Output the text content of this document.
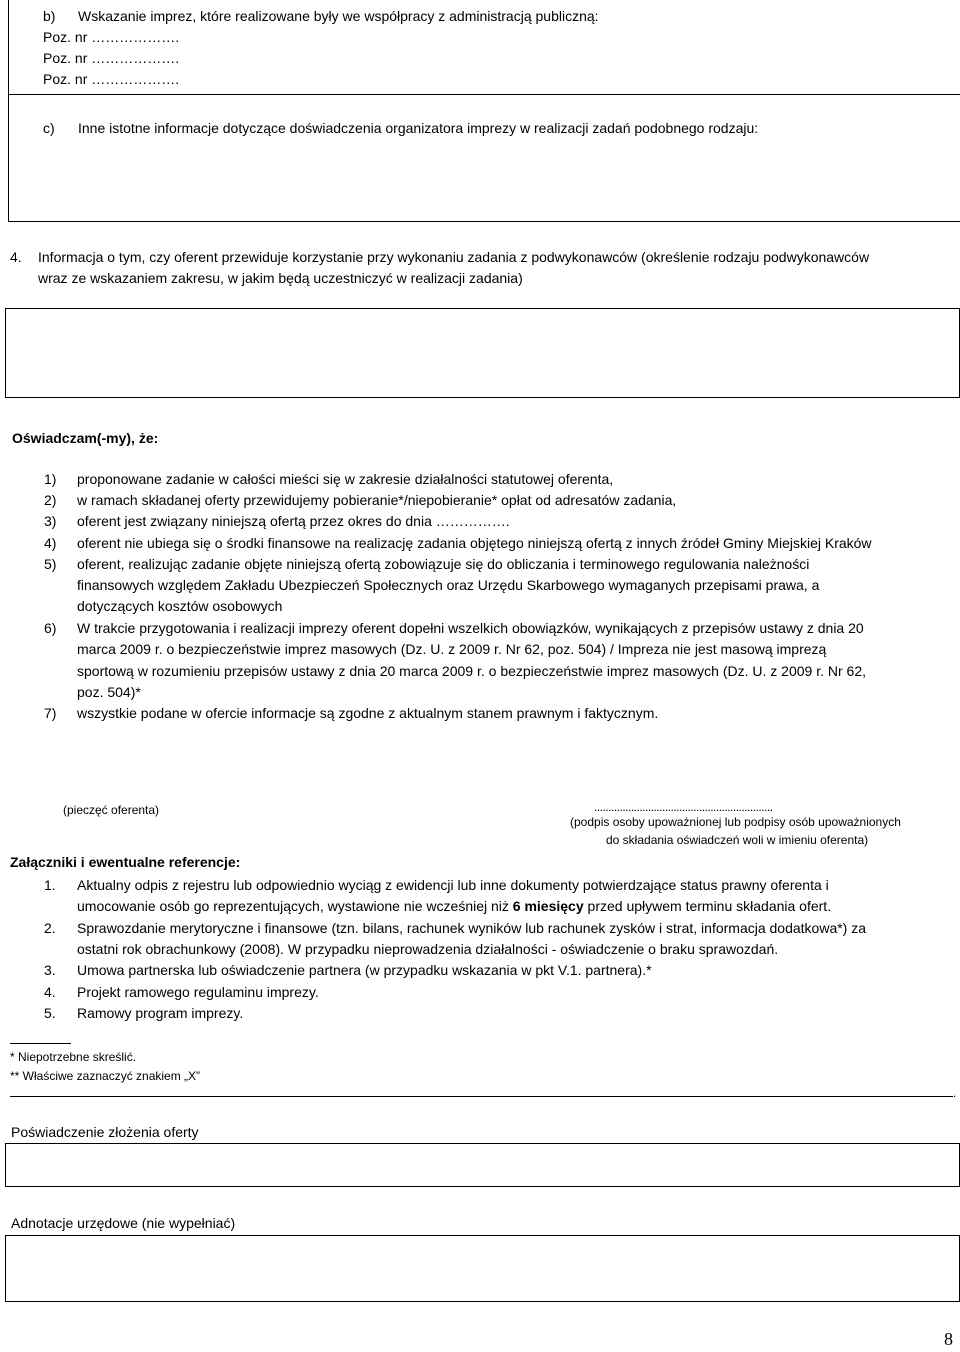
b) Wskazanie imprez, które realizowane były we współpracy z administracją publiczną:
Poz. nr ……………….
Poz. nr ……………….
Poz. nr ……………….
c) Inne istotne informacje dotyczące doświadczenia organizatora imprezy w realizacji zadań podobnego rodzaju:
4. Informacja o tym, czy oferent przewiduje korzystanie przy wykonaniu zadania z podwykonawców (określenie rodzaju podwykonawców
wraz ze wskazaniem zakresu, w jakim będą uczestniczyć w realizacji zadania)
Oświadczam(-my), że:
1) proponowane zadanie w całości mieści się w zakresie działalności statutowej oferenta,
2) w ramach składanej oferty przewidujemy pobieranie*/niepobieranie* opłat od adresatów zadania,
3) oferent jest związany niniejszą ofertą przez okres do dnia …………….
4) oferent nie ubiega się o środki finansowe na realizację zadania objętego niniejszą ofertą z innych źródeł Gminy Miejskiej Kraków
5) oferent, realizując zadanie objęte niniejszą ofertą zobowiązuje się do obliczania i terminowego regulowania należności
finansowych względem Zakładu Ubezpieczeń Społecznych oraz Urzędu Skarbowego wymaganych przepisami prawa, a
dotyczących kosztów osobowych
6) W trakcie przygotowania i realizacji imprezy oferent dopełni wszelkich obowiązków, wynikających z przepisów ustawy z dnia 20
marca 2009 r. o bezpieczeństwie imprez masowych (Dz. U. z 2009 r. Nr 62, poz. 504) / Impreza nie jest masową imprezą
sportową w rozumieniu przepisów ustawy z dnia 20 marca 2009 r. o bezpieczeństwie imprez masowych (Dz. U. z 2009 r. Nr 62,
poz. 504)*
7) wszystkie podane w ofercie informacje są zgodne z aktualnym stanem prawnym i faktycznym.
(pieczęć oferenta)	...............................................................
(podpis osoby upoważnionej lub podpisy osób upoważnionych
do składania oświadczeń woli w imieniu oferenta)
Załączniki i ewentualne referencje:
1. Aktualny odpis z rejestru lub odpowiednio wyciąg z ewidencji lub inne dokumenty potwierdzające status prawny oferenta i
umocowanie osób go reprezentujących, wystawione nie wcześniej niż 6 miesięcy przed upływem terminu składania ofert.
2. Sprawozdanie merytoryczne i finansowe (tzn. bilans, rachunek wyników lub rachunek zysków i strat, informacja dodatkowa*) za
ostatni rok obrachunkowy (2008). W przypadku nieprowadzenia działalności - oświadczenie o braku sprawozdań.
3. Umowa partnerska lub oświadczenie partnera (w przypadku wskazania w pkt V.1. partnera).*
4. Projekt ramowego regulaminu imprezy.
5. Ramowy program imprezy.
* Niepotrzebne skreślić.
** Właściwe zaznaczyć znakiem „X”
.
Poświadczenie złożenia oferty
Adnotacje urzędowe (nie wypełniać)
8
